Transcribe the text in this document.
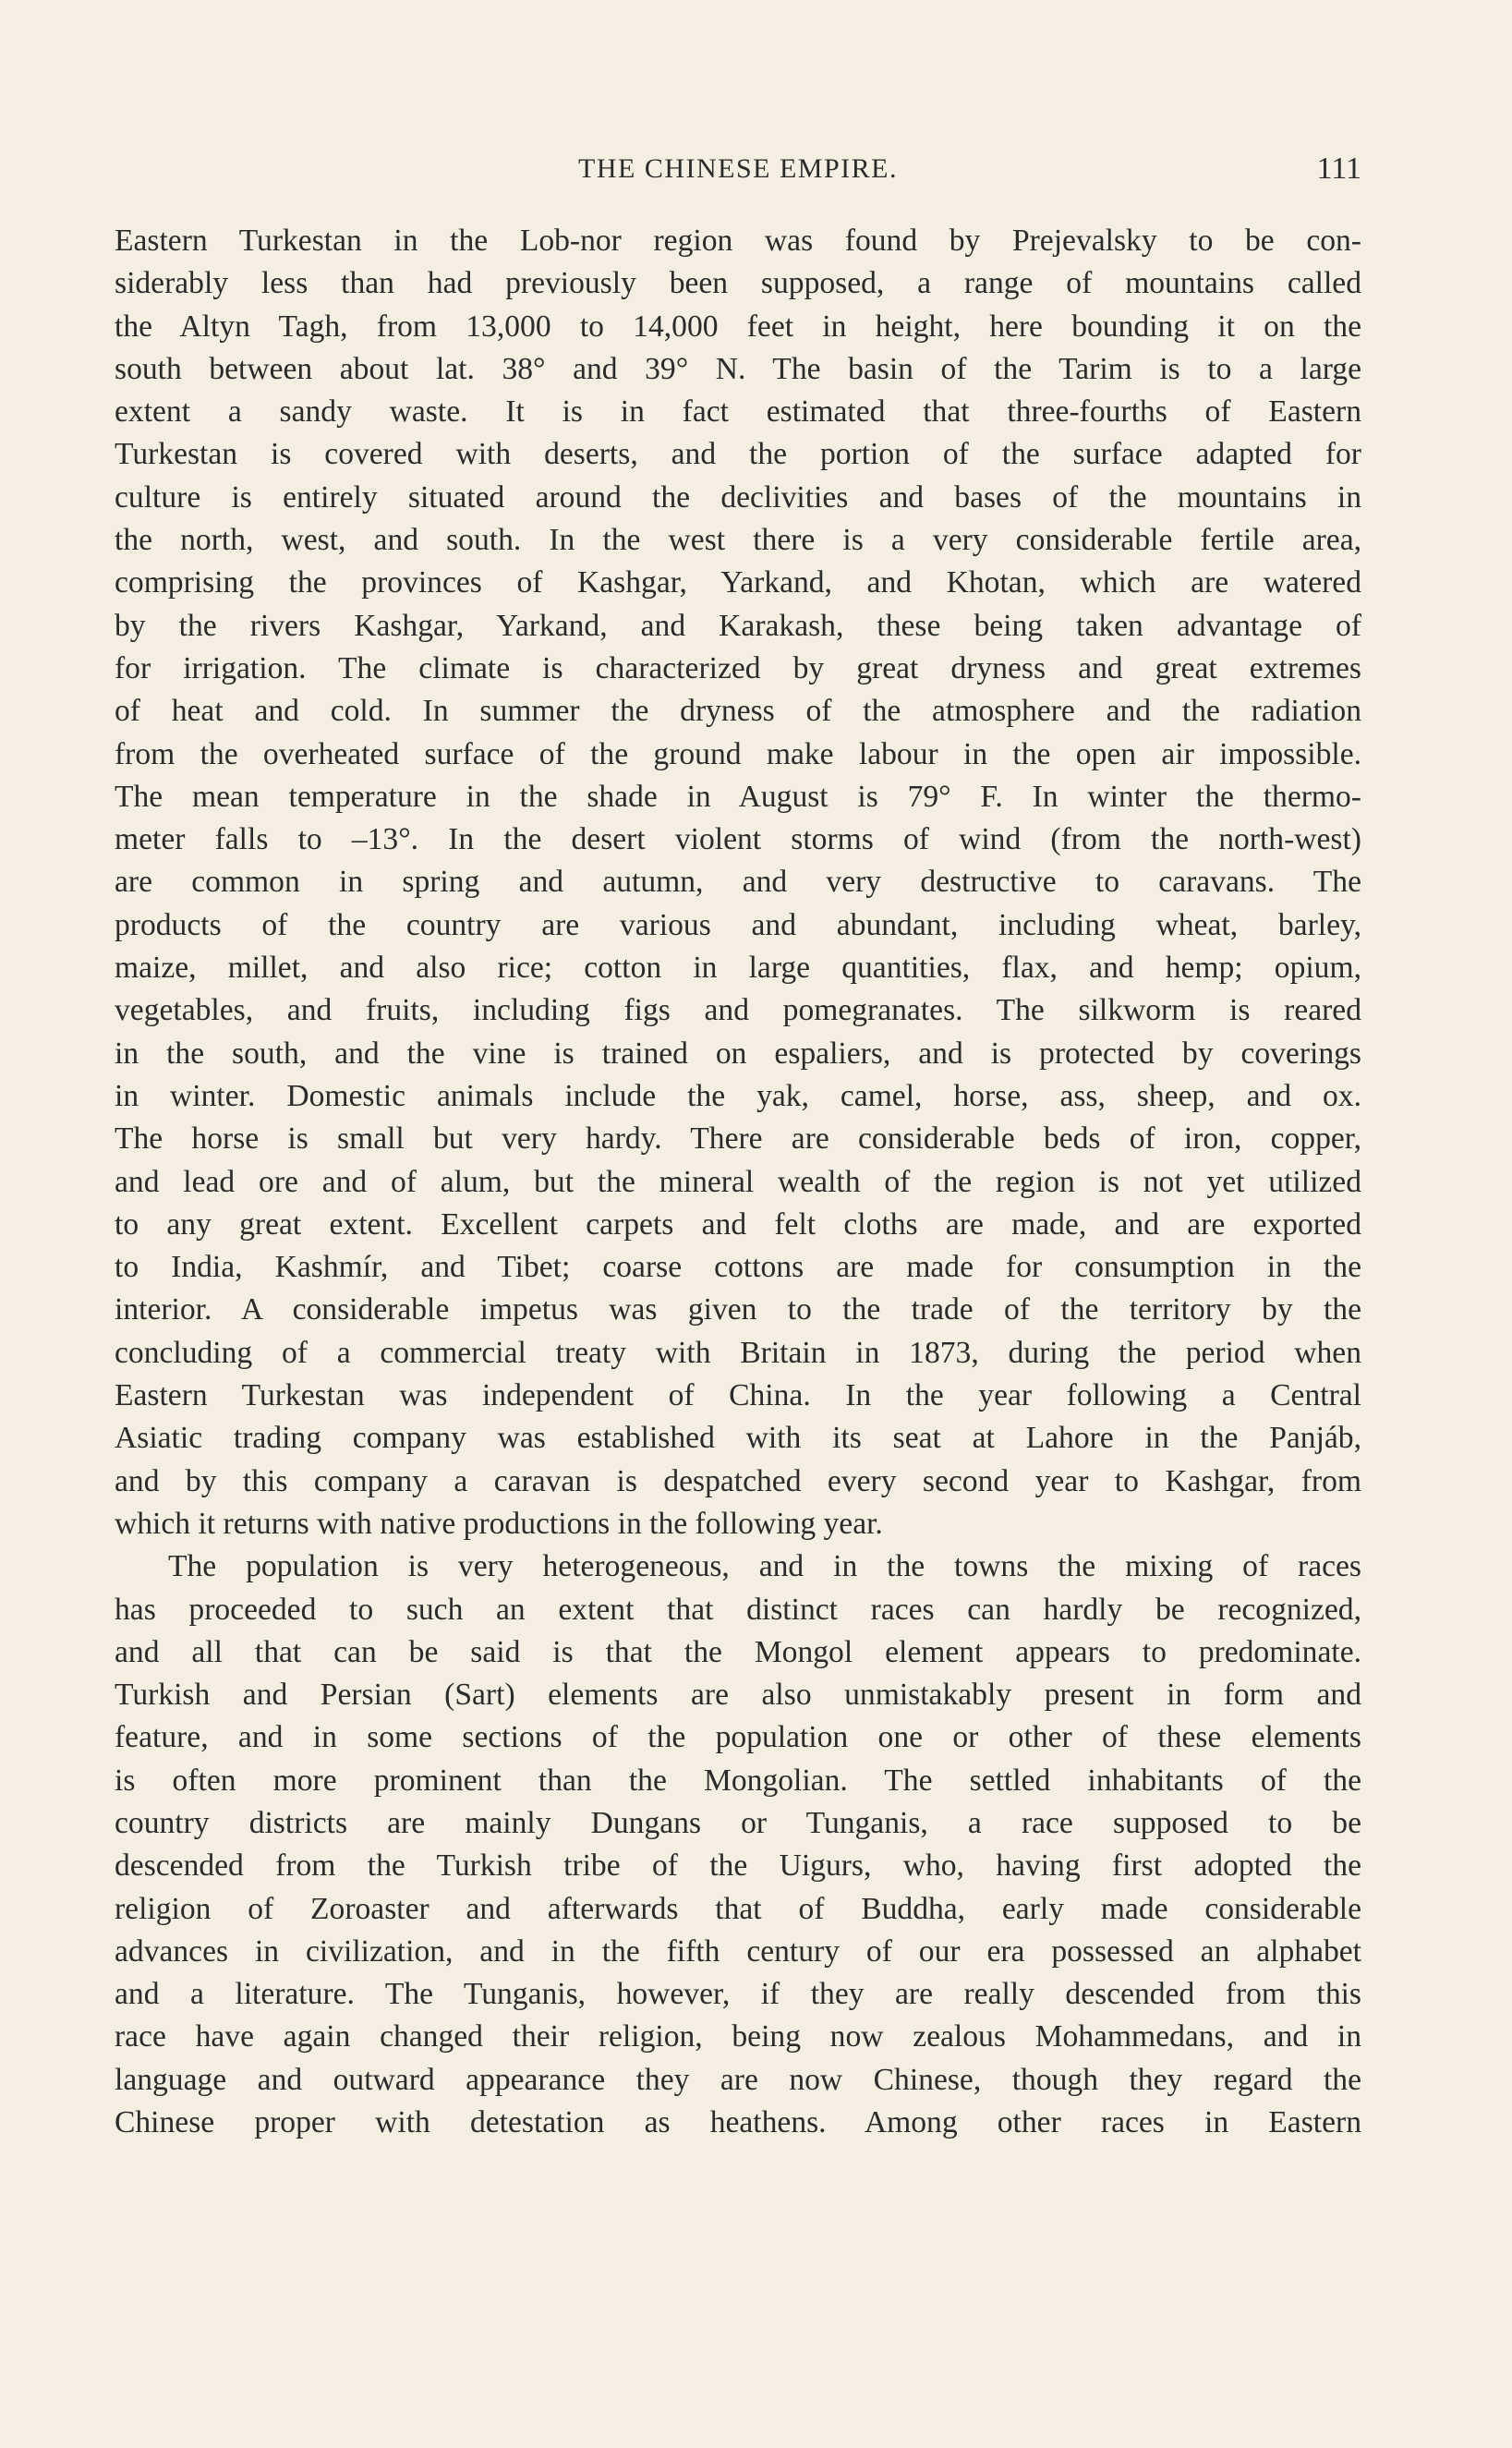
THE CHINESE EMPIRE.	111
Eastern Turkestan in the Lob-nor region was found by Prejevalsky to be con-
siderably less than had previously been supposed, a range of mountains called
the Altyn Tagh, from 13,000 to 14,000 feet in height, here bounding it on the
south between about lat. 38° and 39° N. The basin of the Tarim is to a large
extent a sandy waste. It is in fact estimated that three-fourths of Eastern
Turkestan is covered with deserts, and the portion of the surface adapted for
culture is entirely situated around the declivities and bases of the mountains in
the north, west, and south. In the west there is a very considerable fertile area,
comprising the provinces of Kashgar, Yarkand, and Khotan, which are watered
by the rivers Kashgar, Yarkand, and Karakash, these being taken advantage of
for irrigation. The climate is characterized by great dryness and great extremes
of heat and cold. In summer the dryness of the atmosphere and the radiation
from the overheated surface of the ground make labour in the open air impossible.
The mean temperature in the shade in August is 79° F. In winter the thermo-
meter falls to –13°. In the desert violent storms of wind (from the north-west)
are common in spring and autumn, and very destructive to caravans. The
products of the country are various and abundant, including wheat, barley,
maize, millet, and also rice; cotton in large quantities, flax, and hemp; opium,
vegetables, and fruits, including figs and pomegranates. The silkworm is reared
in the south, and the vine is trained on espaliers, and is protected by coverings
in winter. Domestic animals include the yak, camel, horse, ass, sheep, and ox.
The horse is small but very hardy. There are considerable beds of iron, copper,
and lead ore and of alum, but the mineral wealth of the region is not yet utilized
to any great extent. Excellent carpets and felt cloths are made, and are exported
to India, Kashmír, and Tibet; coarse cottons are made for consumption in the
interior. A considerable impetus was given to the trade of the territory by the
concluding of a commercial treaty with Britain in 1873, during the period when
Eastern Turkestan was independent of China. In the year following a Central
Asiatic trading company was established with its seat at Lahore in the Panjáb,
and by this company a caravan is despatched every second year to Kashgar, from
which it returns with native productions in the following year.
The population is very heterogeneous, and in the towns the mixing of races
has proceeded to such an extent that distinct races can hardly be recognized,
and all that can be said is that the Mongol element appears to predominate.
Turkish and Persian (Sart) elements are also unmistakably present in form and
feature, and in some sections of the population one or other of these elements
is often more prominent than the Mongolian. The settled inhabitants of the
country districts are mainly Dungans or Tunganis, a race supposed to be
descended from the Turkish tribe of the Uigurs, who, having first adopted the
religion of Zoroaster and afterwards that of Buddha, early made considerable
advances in civilization, and in the fifth century of our era possessed an alphabet
and a literature. The Tunganis, however, if they are really descended from this
race have again changed their religion, being now zealous Mohammedans, and in
language and outward appearance they are now Chinese, though they regard the
Chinese proper with detestation as heathens. Among other races in Eastern
